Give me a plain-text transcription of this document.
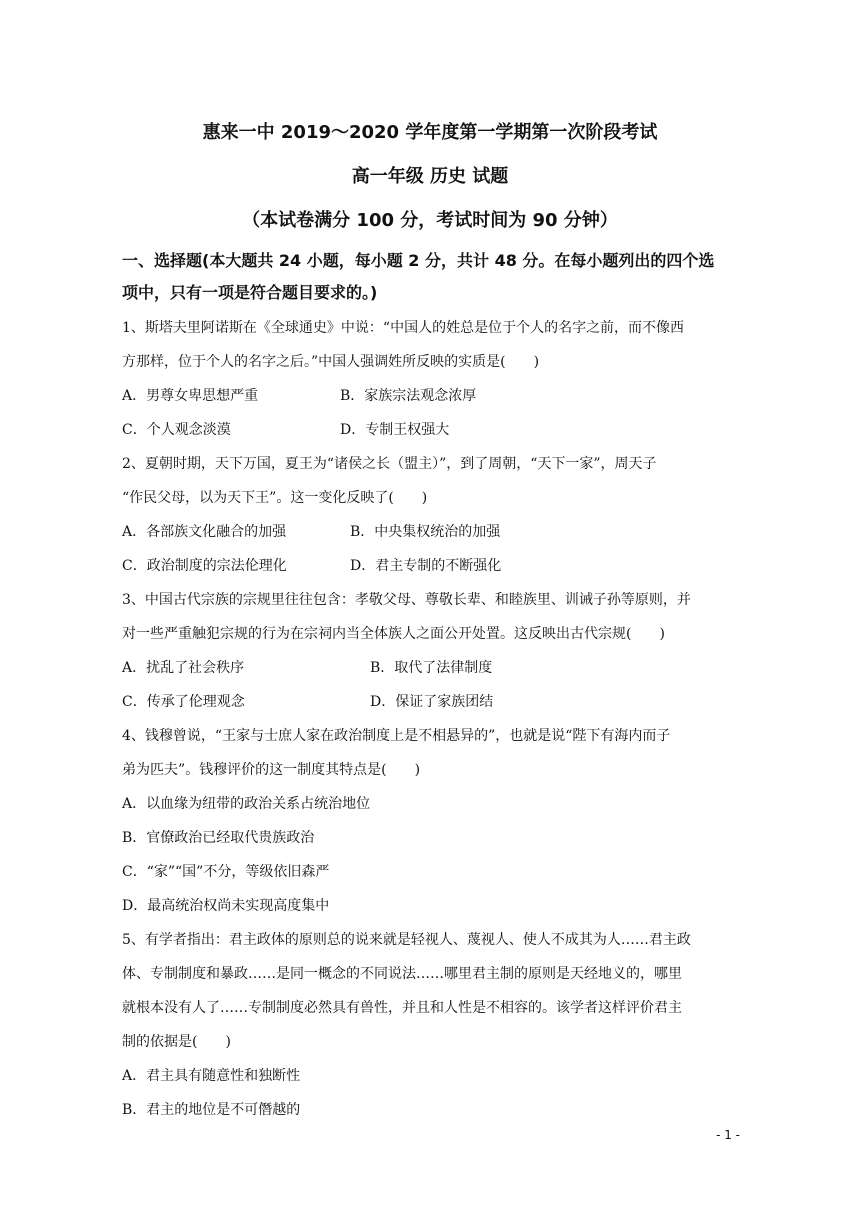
惠来一中 2019～2020 学年度第一学期第一次阶段考试
高一年级 历史 试题
（本试卷满分 100 分，考试时间为 90 分钟）
一、选择题(本大题共 24 小题，每小题 2 分，共计 48 分。在每小题列出的四个选
项中，只有一项是符合题目要求的。)
1、斯塔夫里阿诺斯在《全球通史》中说：“中国人的姓总是位于个人的名字之前，而不像西
方那样，位于个人的名字之后。”中国人强调姓所反映的实质是(　　)
A．男尊女卑思想严重	B．家族宗法观念浓厚
C．个人观念淡漠	D．专制王权强大
2、夏朝时期，天下万国，夏王为“诸侯之长（盟主）”，到了周朝，“天下一家”，周天子
“作民父母，以为天下王”。这一变化反映了(　　)
A．各部族文化融合的加强	B．中央集权统治的加强
C．政治制度的宗法伦理化	D．君主专制的不断强化
3、中国古代宗族的宗规里往往包含：孝敬父母、尊敬长辈、和睦族里、训诫子孙等原则，并
对一些严重触犯宗规的行为在宗祠内当全体族人之面公开处置。这反映出古代宗规(　　)
A．扰乱了社会秩序	B．取代了法律制度
C．传承了伦理观念	D．保证了家族团结
4、钱穆曾说，“王家与士庶人家在政治制度上是不相悬异的”，也就是说“陛下有海内而子
弟为匹夫”。钱穆评价的这一制度其特点是(　　)
A．以血缘为纽带的政治关系占统治地位
B．官僚政治已经取代贵族政治
C．“家”“国”不分，等级依旧森严
D．最高统治权尚未实现高度集中
5、有学者指出：君主政体的原则总的说来就是轻视人、蔑视人、使人不成其为人……君主政
体、专制制度和暴政……是同一概念的不同说法……哪里君主制的原则是天经地义的，哪里
就根本没有人了……专制制度必然具有兽性，并且和人性是不相容的。该学者这样评价君主
制的依据是(　　)
A．君主具有随意性和独断性
B．君主的地位是不可僭越的
- 1 -
